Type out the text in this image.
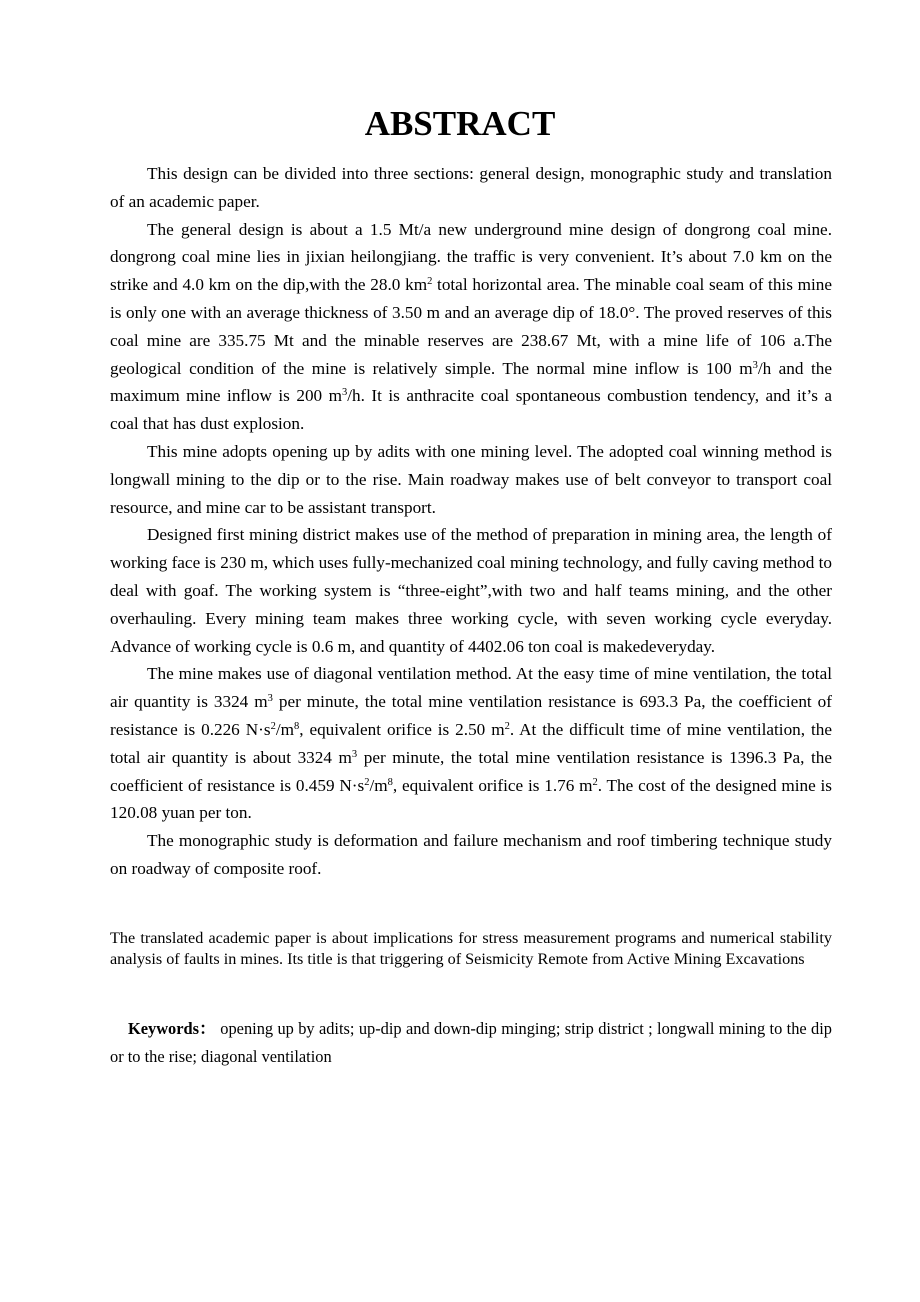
ABSTRACT

This design can be divided into three sections: general design, monographic study and translation of an academic paper.

The general design is about a 1.5 Mt/a new underground mine design of dongrong coal mine. dongrong coal mine lies in jixian heilongjiang. the traffic is very convenient. It’s about 7.0 km on the strike and 4.0 km on the dip,with the 28.0 $km^2$ total horizontal area. The minable coal seam of this mine is only one with an average thickness of 3.50 m and an average dip of 18.0°. The proved reserves of this coal mine are 335.75 Mt and the minable reserves are 238.67 Mt, with a mine life of 106 a.The geological condition of the mine is relatively simple. The normal mine inflow is 100 $m^3/h$ and the maximum mine inflow is 200 $m^3/h$. It is anthracite coal spontaneous combustion tendency, and it’s a coal that has dust explosion.

This mine adopts opening up by adits with one mining level. The adopted coal winning method is longwall mining to the dip or to the rise. Main roadway makes use of belt conveyor to transport coal resource, and mine car to be assistant transport.

Designed first mining district makes use of the method of preparation in mining area, the length of working face is 230 m, which uses fully-mechanized coal mining technology, and fully caving method to deal with goaf. The working system is “three-eight”,with two and half teams mining, and the other overhauling. Every mining team makes three working cycle, with seven working cycle everyday. Advance of working cycle is 0.6 m, and quantity of 4402.06 ton coal is makedeveryday.

The mine makes use of diagonal ventilation method. At the easy time of mine ventilation, the total air quantity is 3324 $m^3$ per minute, the total mine ventilation resistance is 693.3 Pa, the coefficient of resistance is 0.226 $N\cdot s^2/m^8$, equivalent orifice is 2.50 $m^2$. At the difficult time of mine ventilation, the total air quantity is about 3324 $m^3$ per minute, the total mine ventilation resistance is 1396.3 Pa, the coefficient of resistance is 0.459 $N\cdot s^2/m^8$, equivalent orifice is 1.76 $m^2$. The cost of the designed mine is 120.08 yuan per ton.

The monographic study is deformation and failure mechanism and roof timbering technique study on roadway of composite roof.

The translated academic paper is about implications for stress measurement programs and numerical stability analysis of faults in mines. Its title is that triggering of Seismicity Remote from Active Mining Excavations

Keywords： opening up by adits; up-dip and down-dip minging; strip district ; longwall mining to the dip or to the rise; diagonal ventilation
